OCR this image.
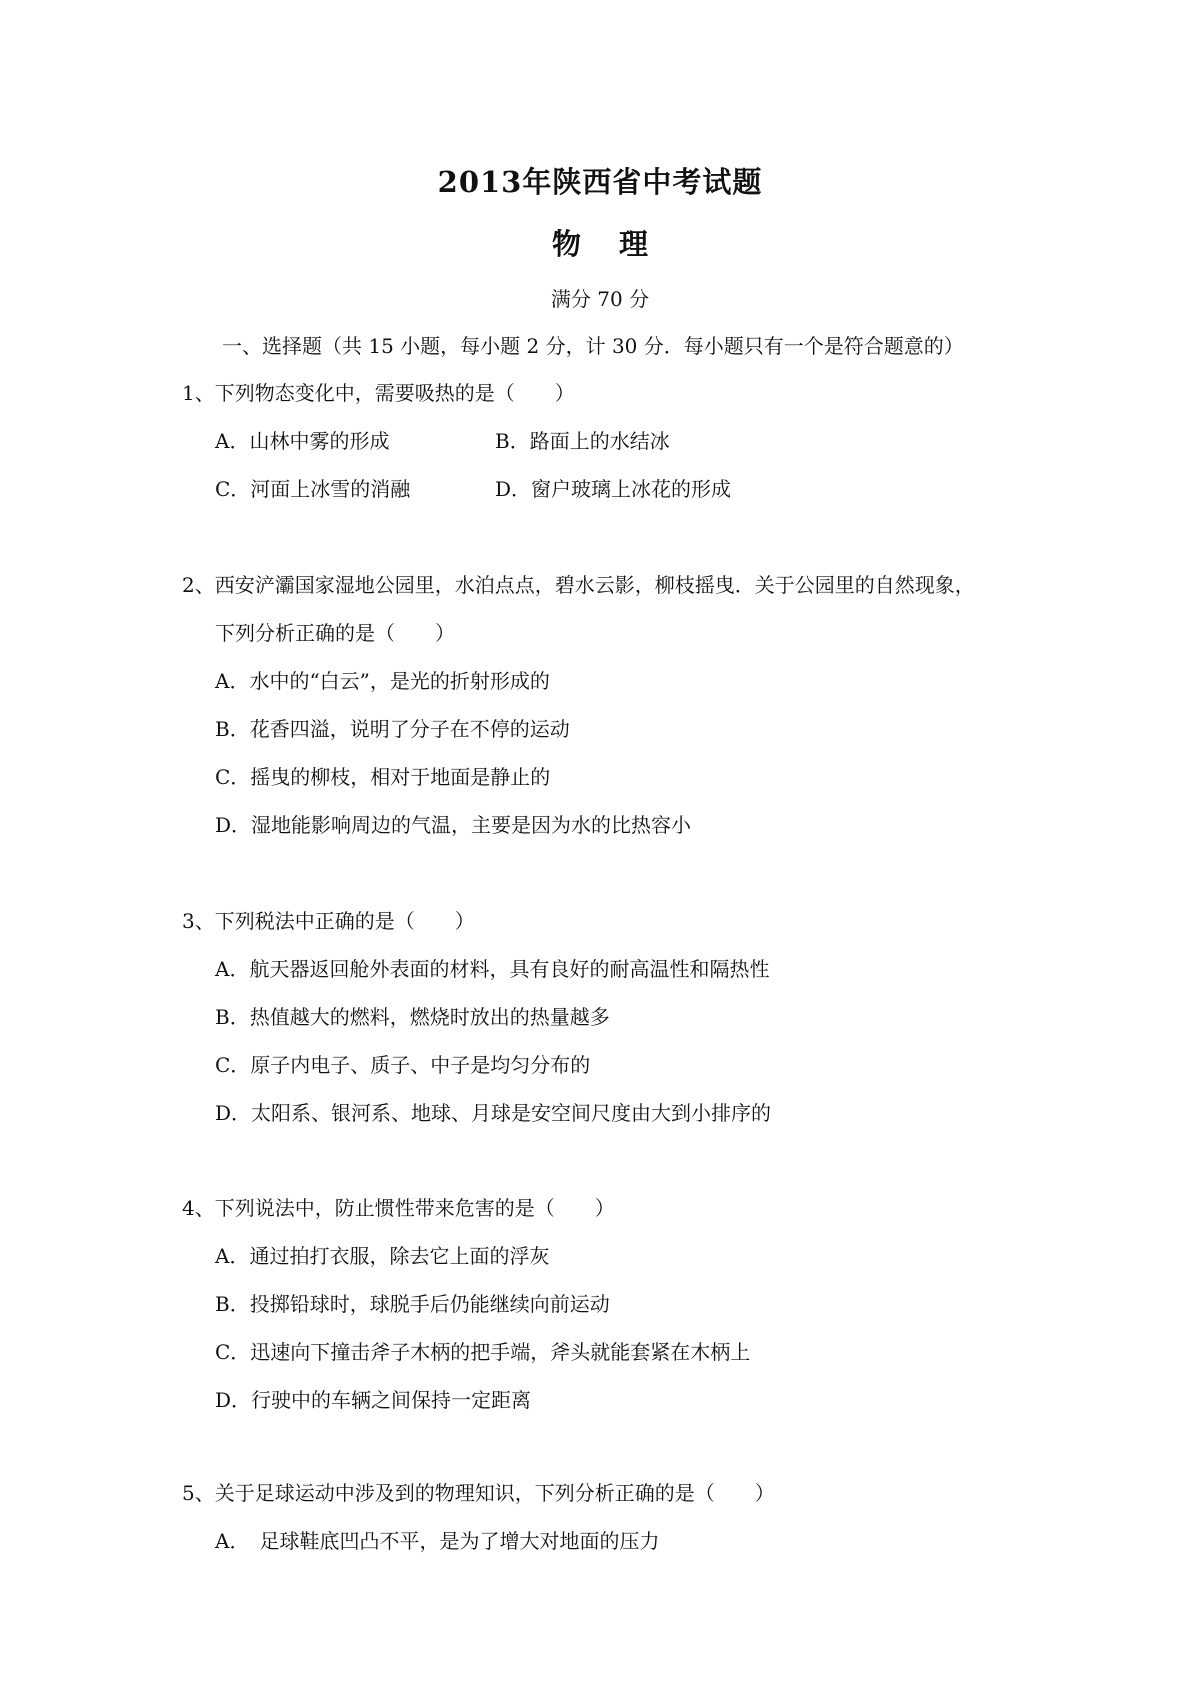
2013年陕西省中考试题
物理
满分 70 分
一、选择题（共 15 小题，每小题 2 分，计 30 分．每小题只有一个是符合题意的）
1、下列物态变化中，需要吸热的是（　　）
A．山林中雾的形成	B．路面上的水结冰
C．河面上冰雪的消融	D．窗户玻璃上冰花的形成
2、西安浐灞国家湿地公园里，水泊点点，碧水云影，柳枝摇曳．关于公园里的自然现象，
下列分析正确的是（　　）
A．水中的“白云”，是光的折射形成的
B．花香四溢，说明了分子在不停的运动
C．摇曳的柳枝，相对于地面是静止的
D．湿地能影响周边的气温，主要是因为水的比热容小
3、下列税法中正确的是（　　）
A．航天器返回舱外表面的材料，具有良好的耐高温性和隔热性
B．热值越大的燃料，燃烧时放出的热量越多
C．原子内电子、质子、中子是均匀分布的
D．太阳系、银河系、地球、月球是安空间尺度由大到小排序的
4、下列说法中，防止惯性带来危害的是（　　）
A．通过拍打衣服，除去它上面的浮灰
B．投掷铅球时，球脱手后仍能继续向前运动
C．迅速向下撞击斧子木柄的把手端，斧头就能套紧在木柄上
D．行驶中的车辆之间保持一定距离
5、关于足球运动中涉及到的物理知识，下列分析正确的是（　　）
A．　足球鞋底凹凸不平，是为了增大对地面的压力
